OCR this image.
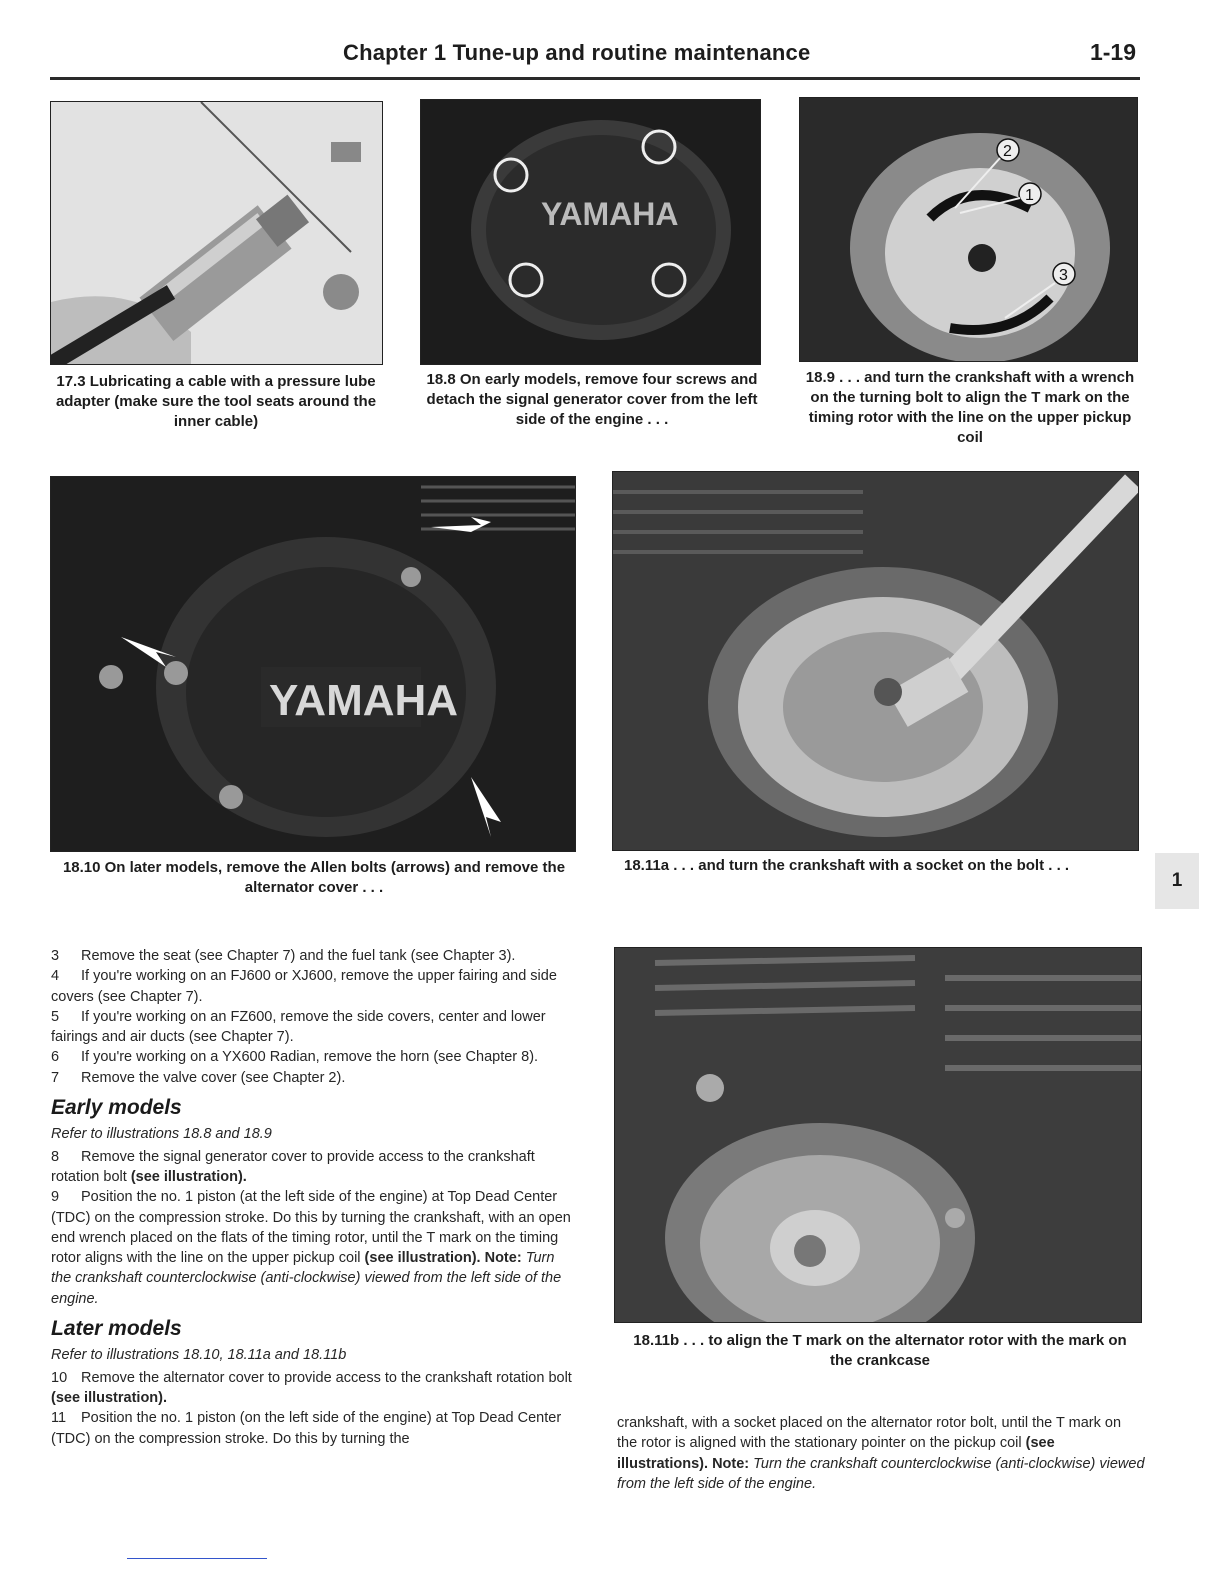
Chapter 1 Tune-up and routine maintenance	1-19
YAMAHA
2
1
3
17.3 Lubricating a cable with a pressure lube adapter (make sure the tool seats around the inner cable)
18.8 On early models, remove four screws and detach the signal generator cover from the left side of the engine . . .
18.9 . . . and turn the crankshaft with a wrench on the turning bolt to align the T mark on the timing rotor with the line on the upper pickup coil
YAMAHA
18.10 On later models, remove the Allen bolts (arrows) and remove the alternator cover . . .
18.11a . . . and turn the crankshaft with a socket on the bolt . . .
1
18.11b . . . to align the T mark on the alternator rotor with the mark on the crankcase

3 Remove the seat (see Chapter 7) and the fuel tank (see Chapter 3).

4 If you're working on an FJ600 or XJ600, remove the upper fairing and side covers (see Chapter 7).

5 If you're working on an FZ600, remove the side covers, center and lower fairings and air ducts (see Chapter 7).

6 If you're working on a YX600 Radian, remove the horn (see Chapter 8).

7 Remove the valve cover (see Chapter 2).

Early models
Refer to illustrations 18.8 and 18.9

8 Remove the signal generator cover to provide access to the crankshaft rotation bolt (see illustration).

9 Position the no. 1 piston (at the left side of the engine) at Top Dead Center (TDC) on the compression stroke. Do this by turning the crankshaft, with an open end wrench placed on the flats of the timing rotor, until the T mark on the timing rotor aligns with the line on the upper pickup coil (see illustration). Note: Turn the crankshaft counterclockwise (anti-clockwise) viewed from the left side of the engine.

Later models
Refer to illustrations 18.10, 18.11a and 18.11b

10 Remove the alternator cover to provide access to the crankshaft rotation bolt (see illustration).

11 Position the no. 1 piston (on the left side of the engine) at Top Dead Center (TDC) on the compression stroke. Do this by turning the

crankshaft, with a socket placed on the alternator rotor bolt, until the T mark on the rotor is aligned with the stationary pointer on the pickup coil (see illustrations). Note: Turn the crankshaft counterclockwise (anti-clockwise) viewed from the left side of the engine.
